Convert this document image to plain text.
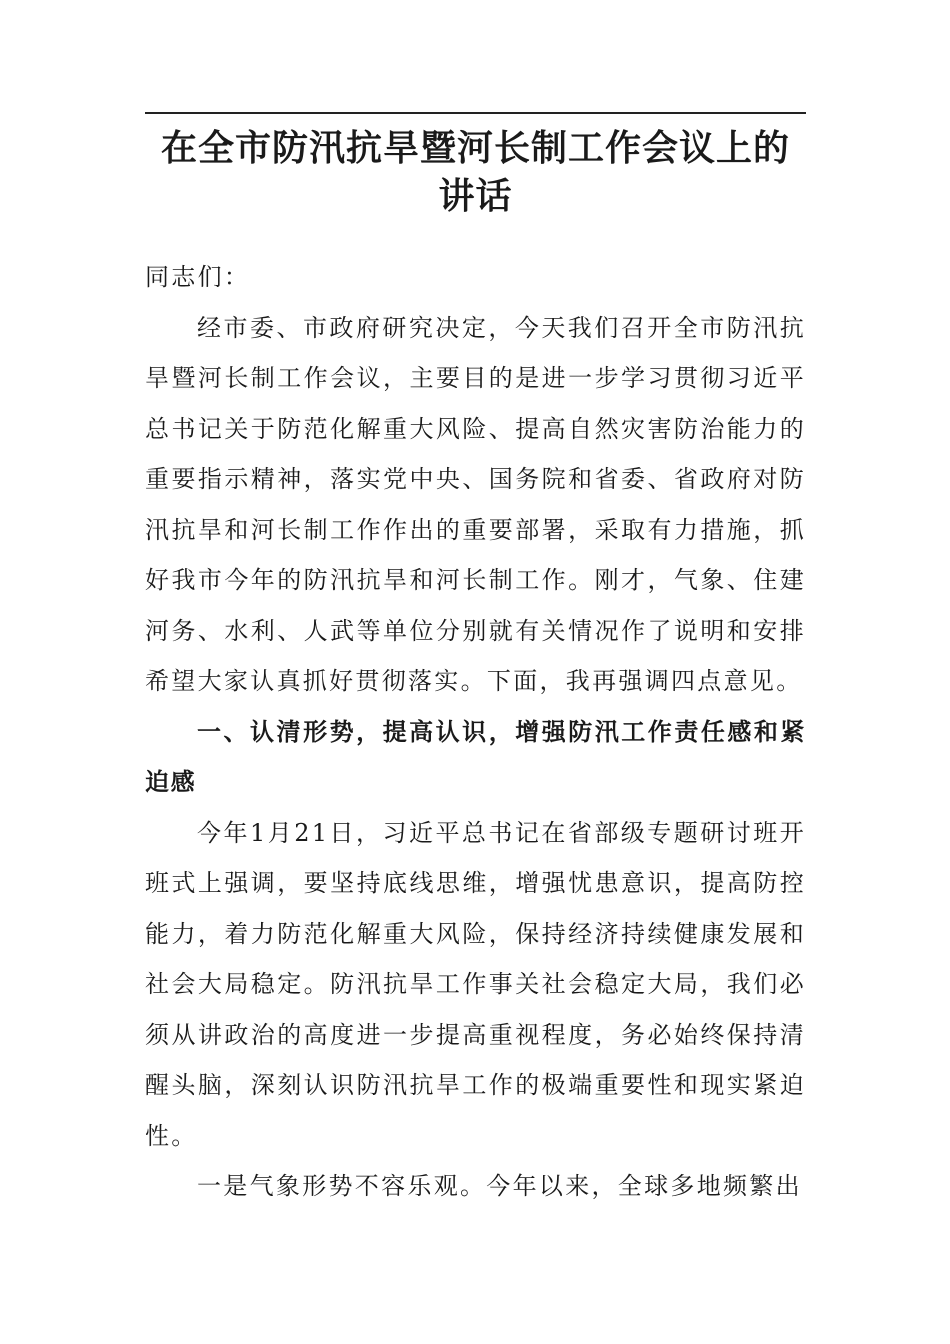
在全市防汛抗旱暨河长制工作会议上的讲话

同志们：

经市委、市政府研究决定，今天我们召开全市防汛抗旱暨河长制工作会议，主要目的是进一步学习贯彻习近平总书记关于防范化解重大风险、提高自然灾害防治能力的重要指示精神，落实党中央、国务院和省委、省政府对防汛抗旱和河长制工作作出的重要部署，采取有力措施，抓好我市今年的防汛抗旱和河长制工作。刚才，气象、住建河务、水利、人武等单位分别就有关情况作了说明和安排希望大家认真抓好贯彻落实。下面，我再强调四点意见。

一、认清形势，提高认识，增强防汛工作责任感和紧迫感

今年1月21日，习近平总书记在省部级专题研讨班开班式上强调，要坚持底线思维，增强忧患意识，提高防控能力，着力防范化解重大风险，保持经济持续健康发展和社会大局稳定。防汛抗旱工作事关社会稳定大局，我们必须从讲政治的高度进一步提高重视程度，务必始终保持清醒头脑，深刻认识防汛抗旱工作的极端重要性和现实紧迫性。

一是气象形势不容乐观。今年以来，全球多地频繁出
